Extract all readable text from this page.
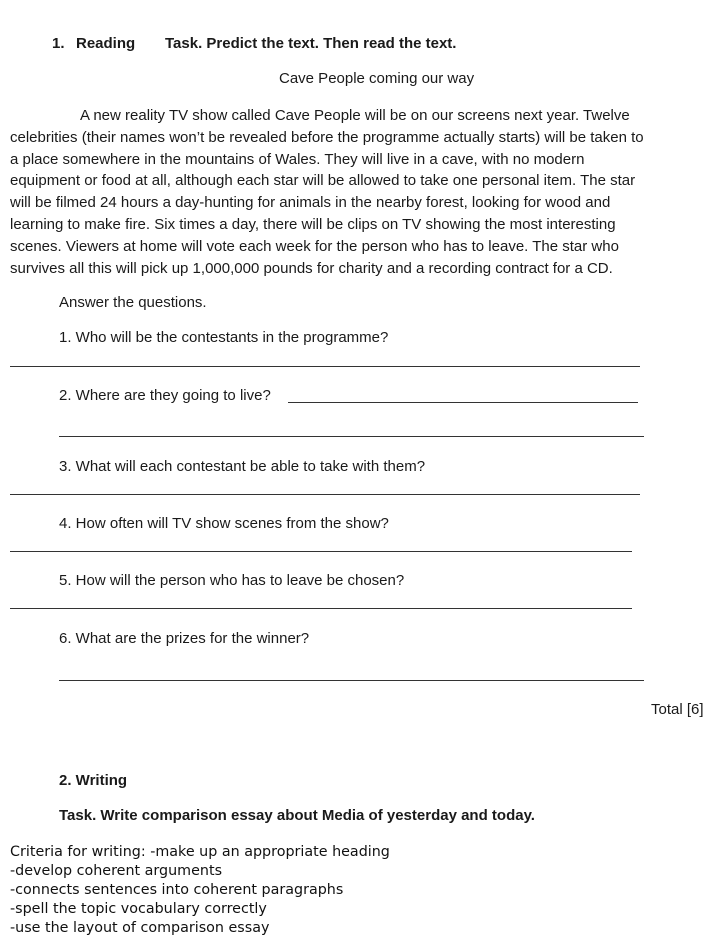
1. Reading Task. Predict the text. Then read the text.
Cave People coming our way
A new reality TV show called Cave People will be on our screens next year. Twelve
celebrities (their names won’t be revealed before the programme actually starts) will be taken to
a place somewhere in the mountains of Wales. They will live in a cave, with no modern
equipment or food at all, although each star will be allowed to take one personal item. The star
will be filmed 24 hours a day-hunting for animals in the nearby forest, looking for wood and
learning to make fire. Six times a day, there will be clips on TV showing the most interesting
scenes. Viewers at home will vote each week for the person who has to leave. The star who
survives all this will pick up 1,000,000 pounds for charity and a recording contract for a CD.
Answer the questions.
1. Who will be the contestants in the programme?
2. Where are they going to live?
3. What will each contestant be able to take with them?
4. How often will TV show scenes from the show?
5. How will the person who has to leave be chosen?
6. What are the prizes for the winner?
Total [6]
2. Writing
Task. Write comparison essay about Media of yesterday and today.
Criteria for writing: -make up an appropriate heading
-develop coherent arguments
-connects sentences into coherent paragraphs
-spell the topic vocabulary correctly
-use the layout of comparison essay
